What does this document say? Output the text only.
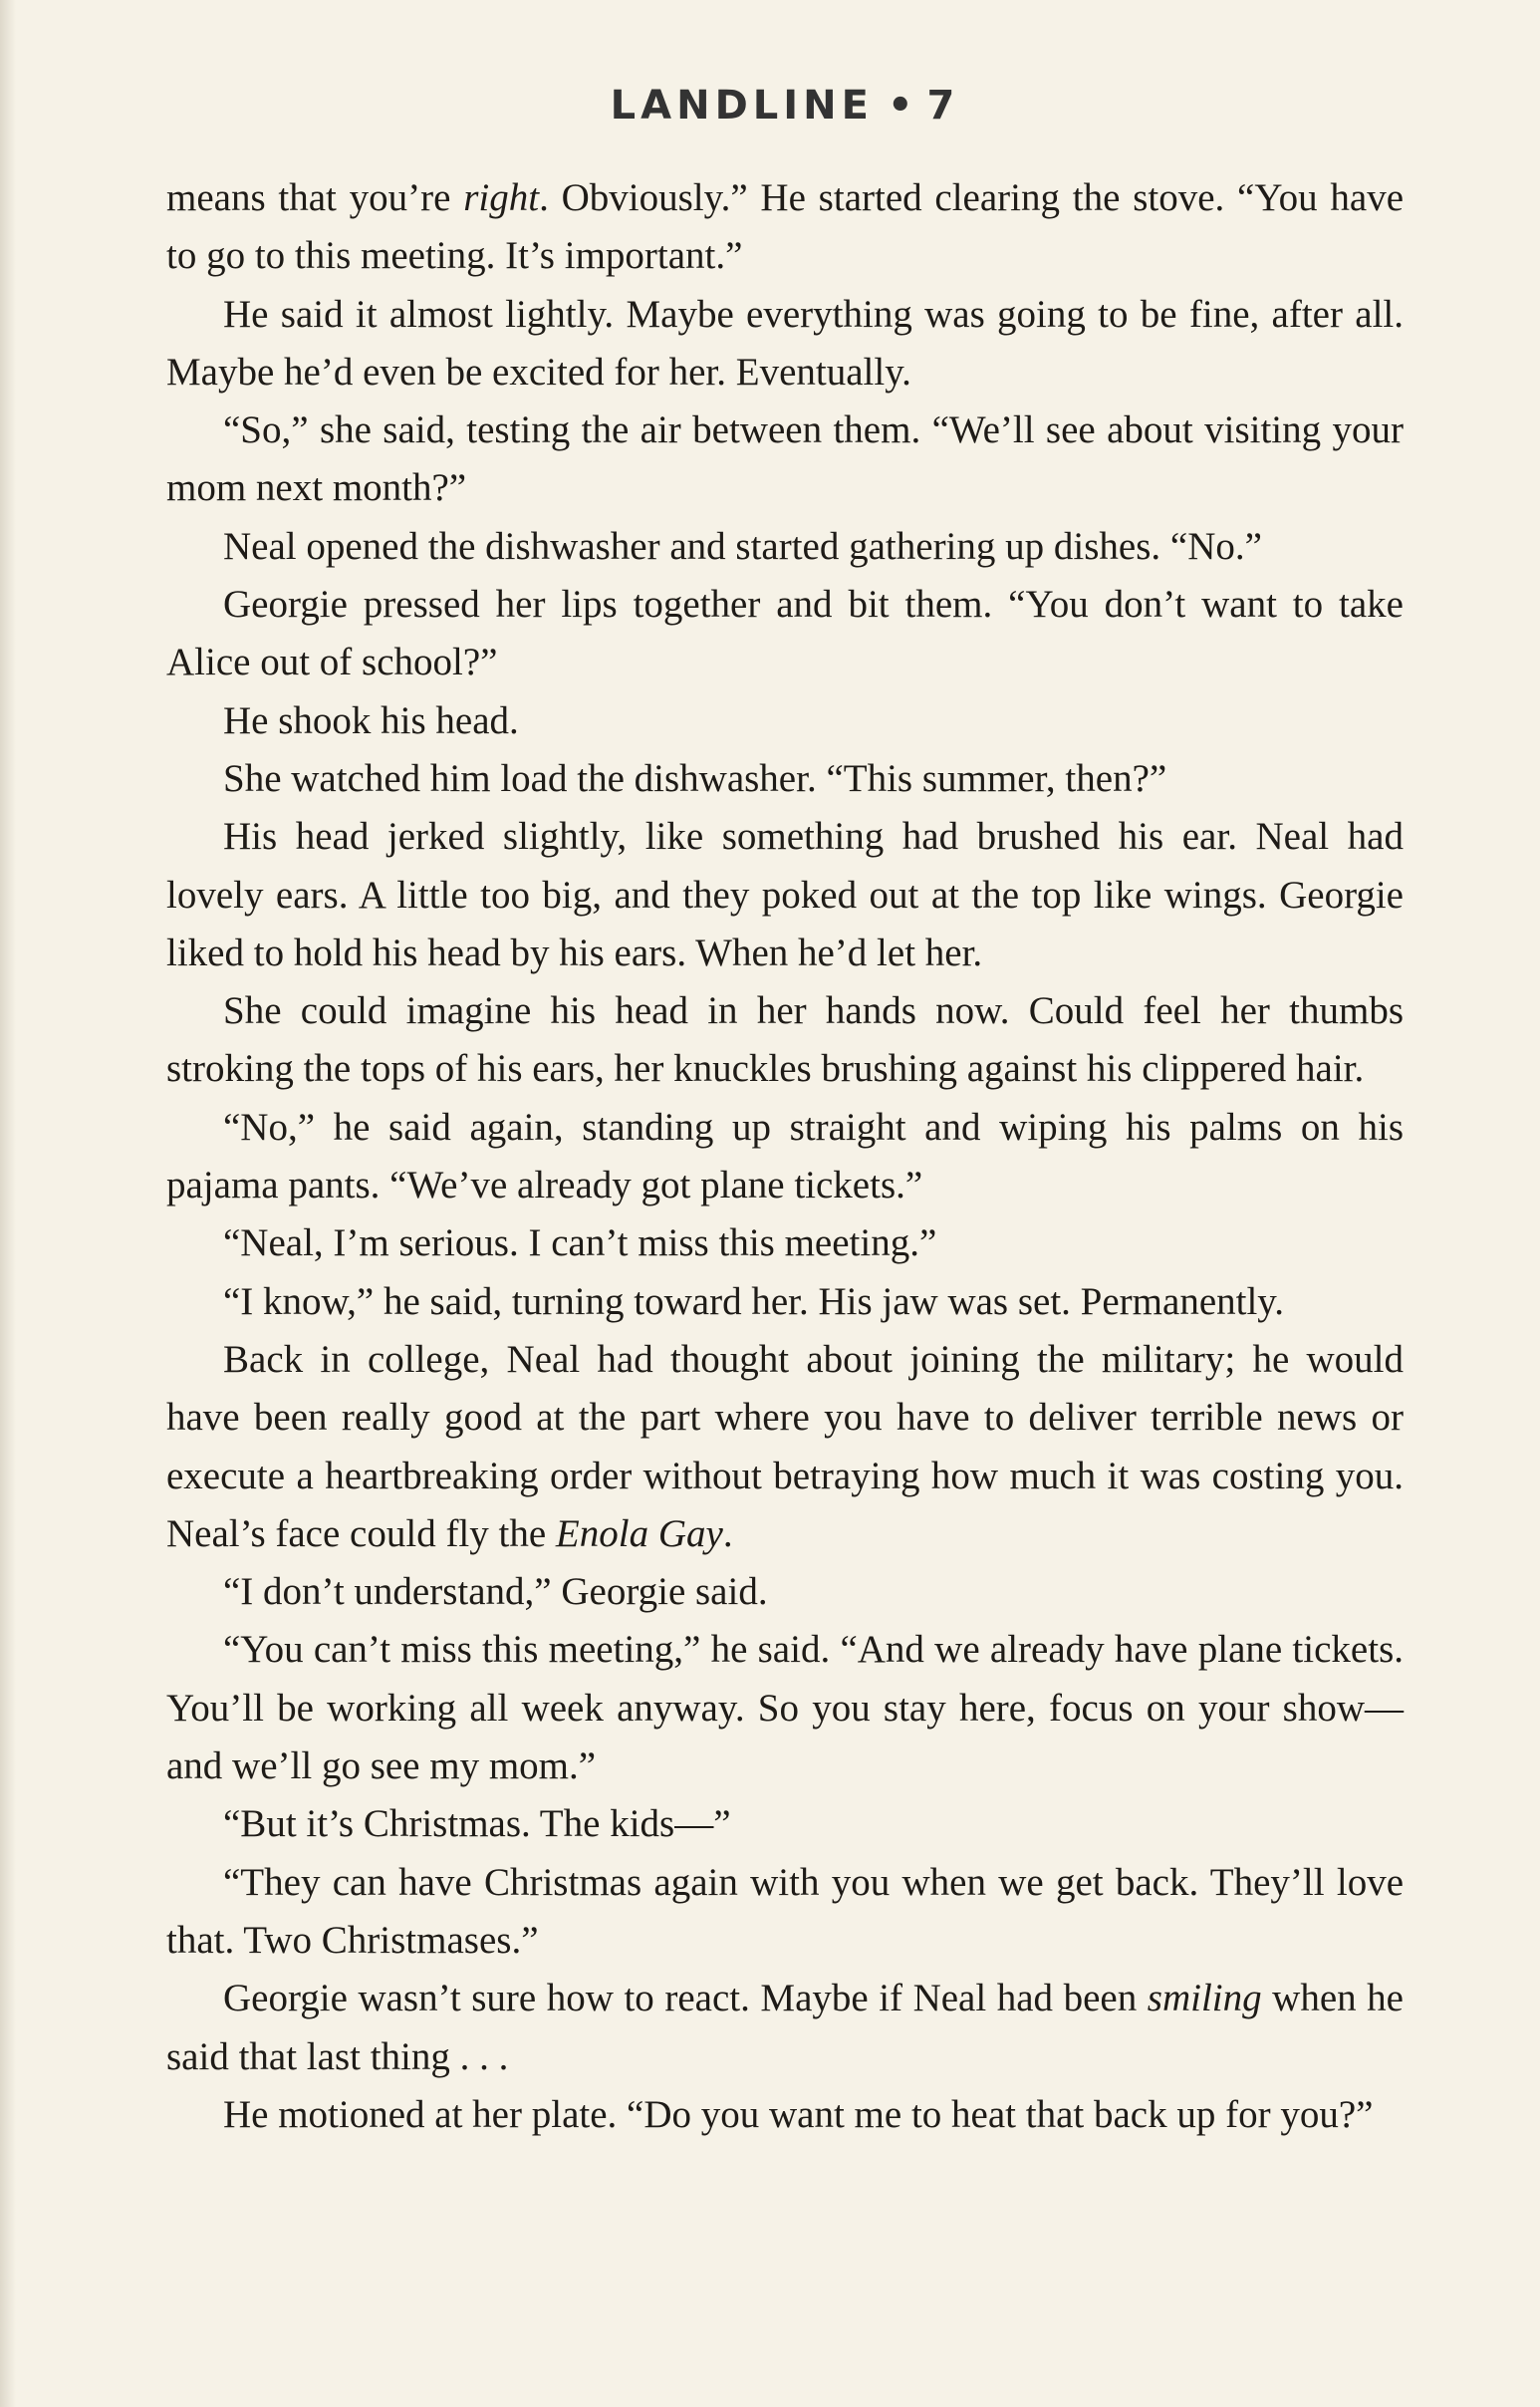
LANDLINE • 7

means that you’re right. Obviously.” He started clearing the stove. “You have to go to this meeting. It’s important.”

He said it almost lightly. Maybe everything was going to be fine, after all. Maybe he’d even be excited for her. Eventually.

“So,” she said, testing the air between them. “We’ll see about visiting your mom next month?”

Neal opened the dishwasher and started gathering up dishes. “No.”

Georgie pressed her lips together and bit them. “You don’t want to take Alice out of school?”

He shook his head.

She watched him load the dishwasher. “This summer, then?”

His head jerked slightly, like something had brushed his ear. Neal had lovely ears. A little too big, and they poked out at the top like wings. Georgie liked to hold his head by his ears. When he’d let her.

She could imagine his head in her hands now. Could feel her thumbs stroking the tops of his ears, her knuckles brushing against his clippered hair.

“No,” he said again, standing up straight and wiping his palms on his pajama pants. “We’ve already got plane tickets.”

“Neal, I’m serious. I can’t miss this meeting.”

“I know,” he said, turning toward her. His jaw was set. Permanently.

Back in college, Neal had thought about joining the military; he would have been really good at the part where you have to deliver terrible news or execute a heartbreaking order without betraying how much it was costing you. Neal’s face could fly the Enola Gay.

“I don’t understand,” Georgie said.

“You can’t miss this meeting,” he said. “And we already have plane tickets. You’ll be working all week anyway. So you stay here, focus on your show—and we’ll go see my mom.”

“But it’s Christmas. The kids—”

“They can have Christmas again with you when we get back. They’ll love that. Two Christmases.”

Georgie wasn’t sure how to react. Maybe if Neal had been smiling when he said that last thing . . .

He motioned at her plate. “Do you want me to heat that back up for you?”
